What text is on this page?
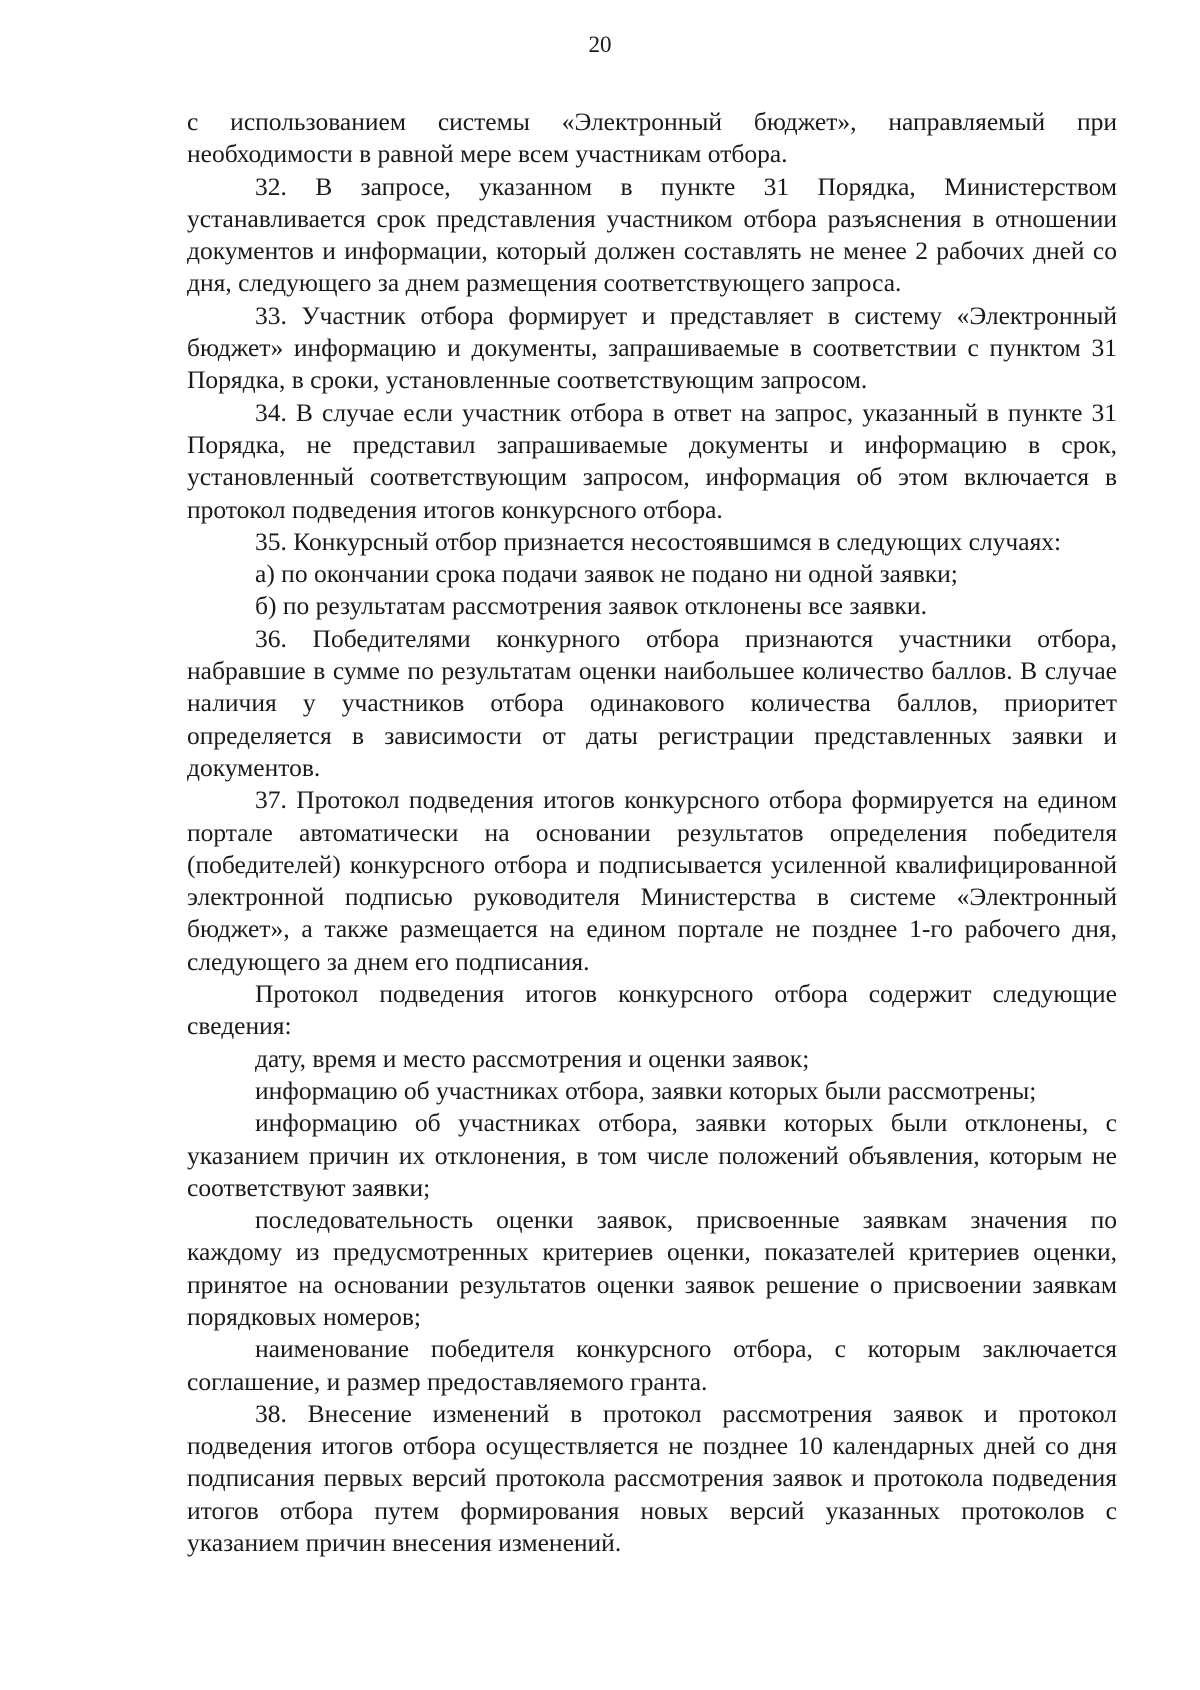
20

с использованием системы «Электронный бюджет», направляемый при необходимости в равной мере всем участникам отбора.

32. В запросе, указанном в пункте 31 Порядка, Министерством устанавливается срок представления участником отбора разъяснения в отношении документов и информации, который должен составлять не менее 2 рабочих дней со дня, следующего за днем размещения соответствующего запроса.

33. Участник отбора формирует и представляет в систему «Электронный бюджет» информацию и документы, запрашиваемые в соответствии с пунктом 31 Порядка, в сроки, установленные соответствующим запросом.

34. В случае если участник отбора в ответ на запрос, указанный в пункте 31 Порядка, не представил запрашиваемые документы и информацию в срок, установленный соответствующим запросом, информация об этом включается в протокол подведения итогов конкурсного отбора.

35. Конкурсный отбор признается несостоявшимся в следующих случаях:

а) по окончании срока подачи заявок не подано ни одной заявки;

б) по результатам рассмотрения заявок отклонены все заявки.

36. Победителями конкурного отбора признаются участники отбора, набравшие в сумме по результатам оценки наибольшее количество баллов. В случае наличия у участников отбора одинакового количества баллов, приоритет определяется в зависимости от даты регистрации представленных заявки и документов.

37. Протокол подведения итогов конкурсного отбора формируется на едином портале автоматически на основании результатов определения победителя (победителей) конкурсного отбора и подписывается усиленной квалифицированной электронной подписью руководителя Министерства в системе «Электронный бюджет», а также размещается на едином портале не позднее 1-го рабочего дня, следующего за днем его подписания.

Протокол подведения итогов конкурсного отбора содержит следующие сведения:

дату, время и место рассмотрения и оценки заявок;

информацию об участниках отбора, заявки которых были рассмотрены;

информацию об участниках отбора, заявки которых были отклонены, с указанием причин их отклонения, в том числе положений объявления, которым не соответствуют заявки;

последовательность оценки заявок, присвоенные заявкам значения по каждому из предусмотренных критериев оценки, показателей критериев оценки, принятое на основании результатов оценки заявок решение о присвоении заявкам порядковых номеров;

наименование победителя конкурсного отбора, с которым заключается соглашение, и размер предоставляемого гранта.

38. Внесение изменений в протокол рассмотрения заявок и протокол подведения итогов отбора осуществляется не позднее 10 календарных дней со дня подписания первых версий протокола рассмотрения заявок и протокола подведения итогов отбора путем формирования новых версий указанных протоколов с указанием причин внесения изменений.
